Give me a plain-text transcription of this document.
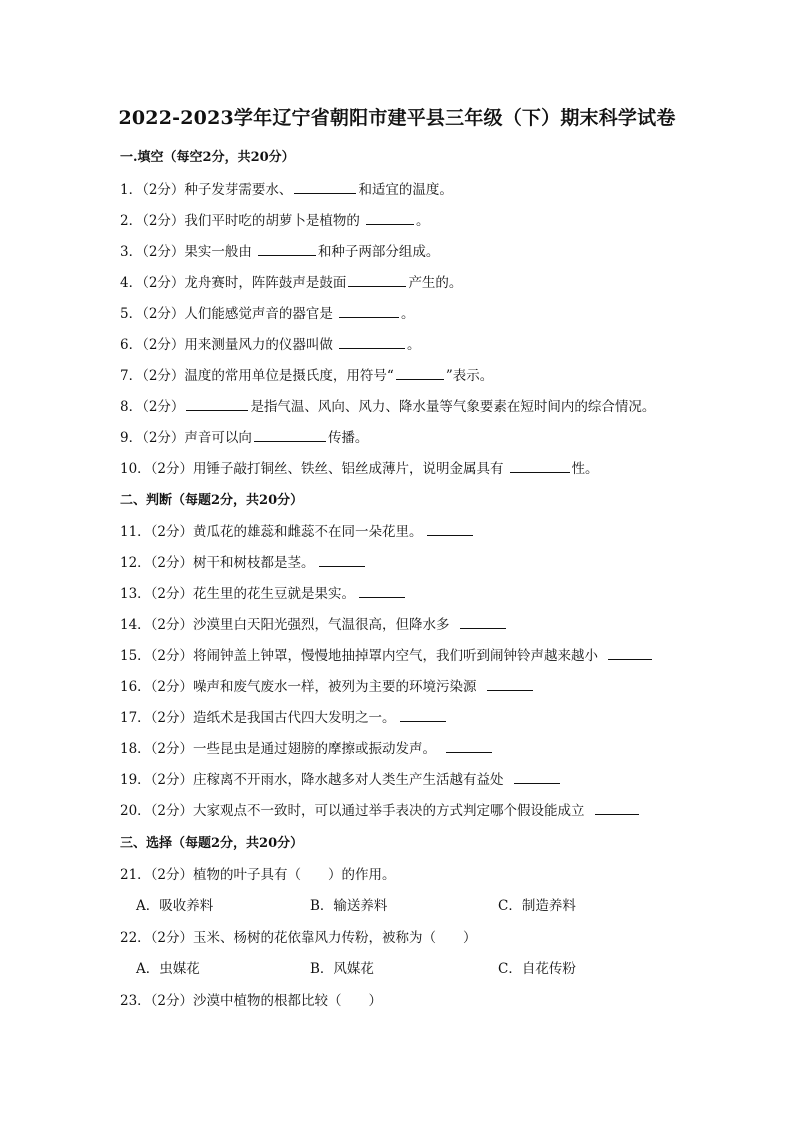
2022-2023学年辽宁省朝阳市建平县三年级（下）期末科学试卷
一.填空（每空2分，共20分）
1．（2分）种子发芽需要水、	和适宜的温度。
2．（2分）我们平时吃的胡萝卜是植物的	。
3．（2分）果实一般由	和种子两部分组成。
4．（2分）龙舟赛时，阵阵鼓声是鼓面	产生的。
5．（2分）人们能感觉声音的器官是	。
6．（2分）用来测量风力的仪器叫做	。
7．（2分）温度的常用单位是摄氏度，用符号“	”表示。
8．（2分）	是指气温、风向、风力、降水量等气象要素在短时间内的综合情况。
9．（2分）声音可以向	传播。
10．（2分）用锤子敲打铜丝、铁丝、铝丝成薄片，说明金属具有	性。
二、判断（每题2分，共20分）
11．（2分）黄瓜花的雄蕊和雌蕊不在同一朵花里。
12．（2分）树干和树枝都是茎。
13．（2分）花生里的花生豆就是果实。
14．（2分）沙漠里白天阳光强烈，气温很高，但降水多
15．（2分）将闹钟盖上钟罩，慢慢地抽掉罩内空气，我们听到闹钟铃声越来越小
16．（2分）噪声和废气废水一样，被列为主要的环境污染源
17．（2分）造纸术是我国古代四大发明之一。
18．（2分）一些昆虫是通过翅膀的摩擦或振动发声。
19．（2分）庄稼离不开雨水，降水越多对人类生产生活越有益处
20．（2分）大家观点不一致时，可以通过举手表决的方式判定哪个假设能成立
三、选择（每题2分，共20分）
21．（2分）植物的叶子具有（　　）的作用。
A．吸收养料	B．输送养料	C．制造养料
22．（2分）玉米、杨树的花依靠风力传粉，被称为（　　）
A．虫媒花	B．风媒花	C．自花传粉
23．（2分）沙漠中植物的根都比较（　　）
